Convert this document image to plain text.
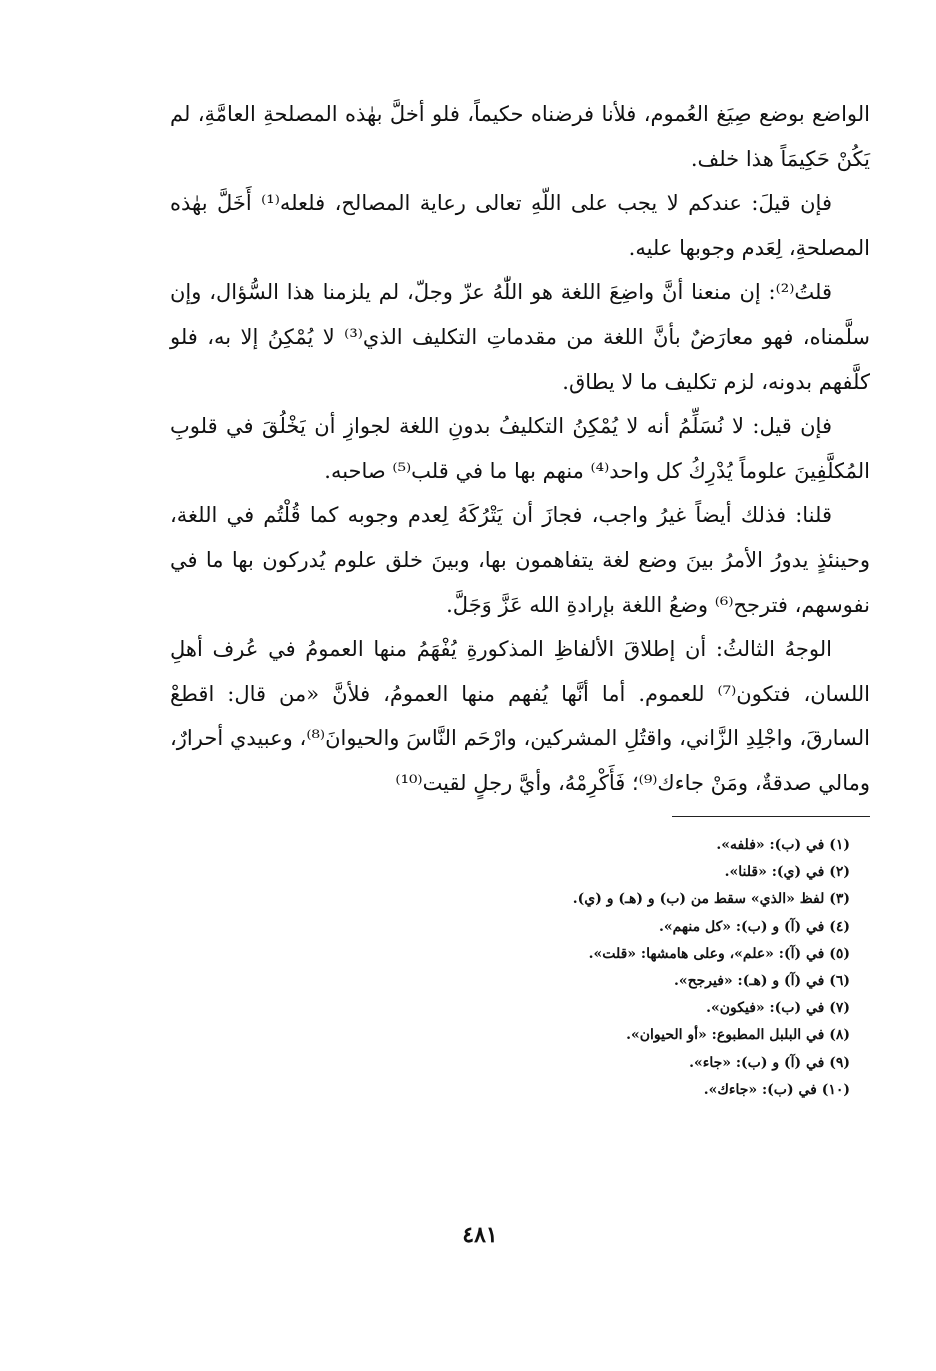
الواضع بوضع صِيَغ العُموم، فلأنا فرضناه حكيماً، فلو أخلَّ بهٰذه المصلحةِ العامَّةِ، لم يَكُنْ حَكِيمَاً هذا خلف.

فإن قيلَ: عندكم لا يجب على اللّهِ تعالى رعاية المصالح، فلعله⁽¹⁾ أَخَلَّ بهٰذه المصلحةِ، لِعَدم وجوبها عليه.

قلتُ⁽²⁾: إن منعنا أنَّ واضِعَ اللغة هو اللّٰهُ عزّ وجلّ، لم يلزمنا هذا السُّؤال، وإن سلَّمناه، فهو معارَضٌ بأنَّ اللغة من مقدماتِ التكليف الذي⁽³⁾ لا يُمْكِنُ إلا به، فلو كلَّفهم بدونه، لزم تكليف ما لا يطاق.

فإن قيل: لا نُسَلِّمُ أنه لا يُمْكِنُ التكليفُ بدونِ اللغة لجوازِ أن يَخْلُقَ في قلوبِ المُكلَّفِينَ علوماً يُدْرِكُ كل واحد⁽⁴⁾ منهم بها ما في قلب⁽⁵⁾ صاحبه.

قلنا: فذلك أيضاً غيرُ واجب، فجازَ أن يَتْرُكَهُ لِعدم وجوبه كما قُلْتُم في اللغة، وحينئذٍ يدورُ الأمرُ بينَ وضع لغة يتفاهمون بها، وبينَ خلق علوم يُدركون بها ما في نفوسهم، فترجح⁽⁶⁾ وضعُ اللغة بإرادةِ الله عَزَّ وَجَلَّ.

الوجهُ الثالثُ: أن إطلاقَ الألفاظِ المذكورةِ يُفْهَمُ منها العمومُ في عُرف أهلِ اللسان، فتكون⁽⁷⁾ للعموم. أما أنَّها يُفهم منها العمومُ، فلأنَّ «من قال: اقطعْ السارقَ، واجْلِدِ الزَّاني، واقتُلِ المشركين، وارْحَم النَّاسَ والحيوانَ⁽⁸⁾، وعبيدي أحرارٌ، ومالي صدقةٌ، ومَنْ جاءك⁽⁹⁾؛ فَأَكْرِمْهُ، وأيَّ رجلٍ لقيت⁽¹⁰⁾

(١) في (ب): «فلفه».
(٢) في (ي): «قلنا».
(٣) لفظ «الذي» سقط من (ب) و (هـ) و (ي).
(٤) في (آ) و (ب): «كل منهم».
(٥) في (آ): «علم»، وعلى هامشها: «قلت».
(٦) في (آ) و (هـ): «فيرجح».
(٧) في (ب): «فيكون».
(٨) في البلبل المطبوع: «أو الحيوان».
(٩) في (آ) و (ب): «جاء».
(١٠) في (ب): «جاءك».
٤٨١
